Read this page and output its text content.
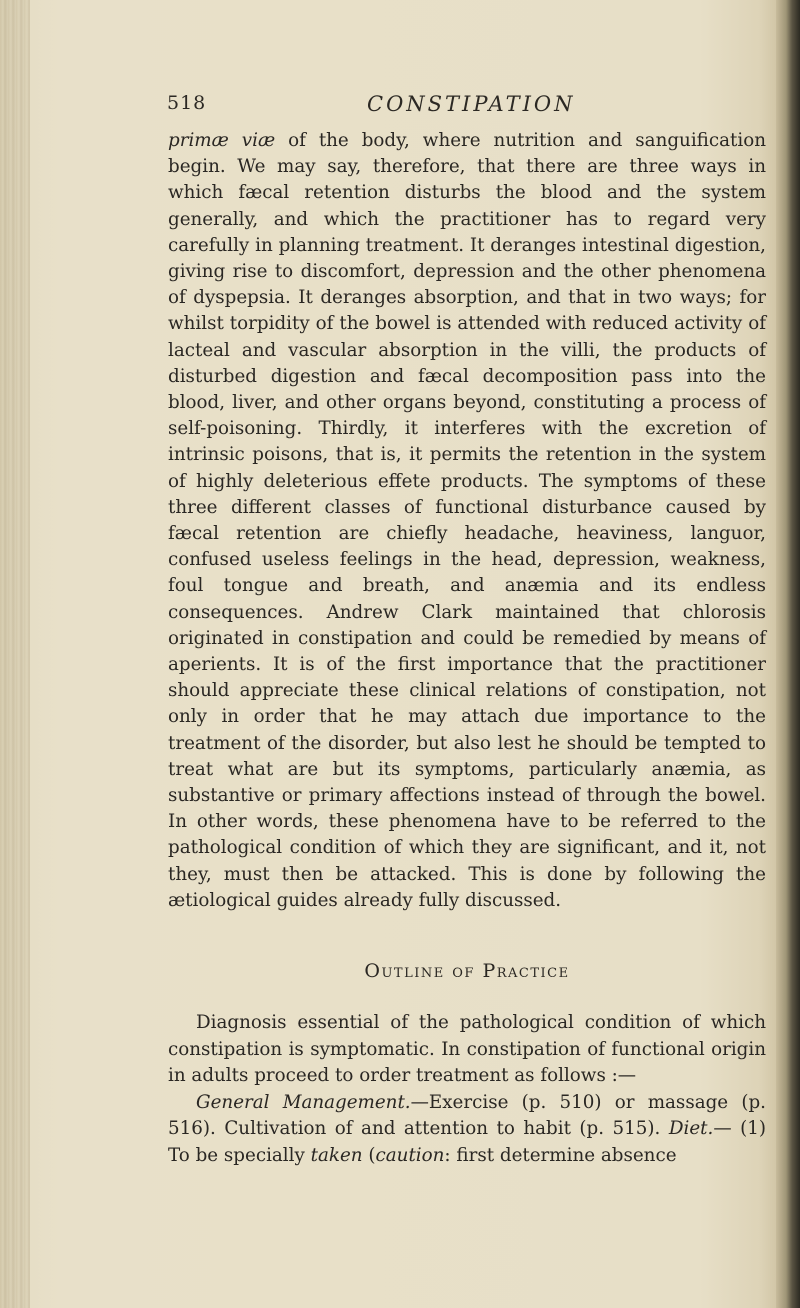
518	CONSTIPATION

primæ viæ of the body, where nutrition and sanguification begin. We may say, therefore, that there are three ways in which fæcal retention disturbs the blood and the system generally, and which the practitioner has to regard very carefully in planning treatment. It deranges intestinal digestion, giving rise to discomfort, depression and the other phenomena of dyspepsia. It deranges absorption, and that in two ways; for whilst torpidity of the bowel is attended with reduced activity of lacteal and vascular absorption in the villi, the products of disturbed digestion and fæcal decomposition pass into the blood, liver, and other organs beyond, constituting a process of self-poisoning. Thirdly, it interferes with the excretion of intrinsic poisons, that is, it permits the retention in the system of highly deleterious effete products. The symptoms of these three different classes of functional disturbance caused by fæcal retention are chiefly headache, heaviness, languor, confused useless feelings in the head, depression, weakness, foul tongue and breath, and anæmia and its endless consequences. Andrew Clark maintained that chlorosis originated in constipation and could be remedied by means of aperients. It is of the first importance that the practitioner should appreciate these clinical relations of constipation, not only in order that he may attach due importance to the treatment of the disorder, but also lest he should be tempted to treat what are but its symptoms, particularly anæmia, as substantive or primary affections instead of through the bowel. In other words, these phenomena have to be referred to the pathological condition of which they are significant, and it, not they, must then be attacked. This is done by following the ætiological guides already fully discussed.

Outline of Practice

Diagnosis essential of the pathological condition of which constipation is symptomatic. In constipation of functional origin in adults proceed to order treatment as follows :—

General Management.—Exercise (p. 510) or massage (p. 516). Cultivation of and attention to habit (p. 515). Diet.— (1) To be specially taken (caution: first determine absence
